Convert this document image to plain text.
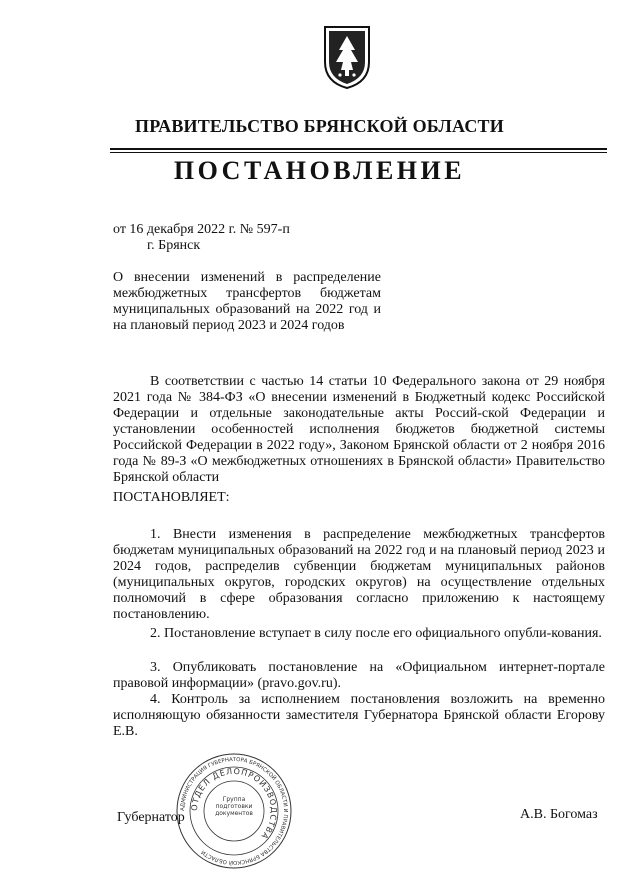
ПРАВИТЕЛЬСТВО БРЯНСКОЙ ОБЛАСТИ
ПОСТАНОВЛЕНИЕ
от 16 декабря 2022 г. № 597-п
г. Брянск
О внесении изменений в распределение межбюджетных трансфертов бюджетам муниципальных образований на 2022 год и на плановый период 2023 и 2024 годов
В соответствии с частью 14 статьи 10 Федерального закона от 29 ноября 2021 года № 384-ФЗ «О внесении изменений в Бюджетный кодекс Российской Федерации и отдельные законодательные акты Россий-ской Федерации и установлении особенностей исполнения бюджетов бюджетной системы Российской Федерации в 2022 году», Законом Брянской области от 2 ноября 2016 года № 89-З «О межбюджетных отношениях в Брянской области» Правительство Брянской области
ПОСТАНОВЛЯЕТ:
1. Внести изменения в распределение межбюджетных трансфертов бюджетам муниципальных образований на 2022 год и на плановый период 2023 и 2024 годов, распределив субвенции бюджетам муниципальных районов (муниципальных округов, городских округов) на осуществление отдельных полномочий в сфере образования согласно приложению к настоящему постановлению.
2. Постановление вступает в силу после его официального опубли-кования.
3. Опубликовать постановление на «Официальном интернет-портале правовой информации» (pravo.gov.ru).
4. Контроль за исполнением постановления возложить на временно исполняющую обязанности заместителя Губернатора Брянской области Егорову Е.В.
АДМИНИСТРАЦИЯ ГУБЕРНАТОРА БРЯНСКОЙ ОБЛАСТИ И ПРАВИТЕЛЬСТВА БРЯНСКОЙ ОБЛАСТИ
ОТДЕЛ ДЕЛОПРОИЗВОДСТВА
Группа подготовки документов
Губернатор	А.В. Богомаз
